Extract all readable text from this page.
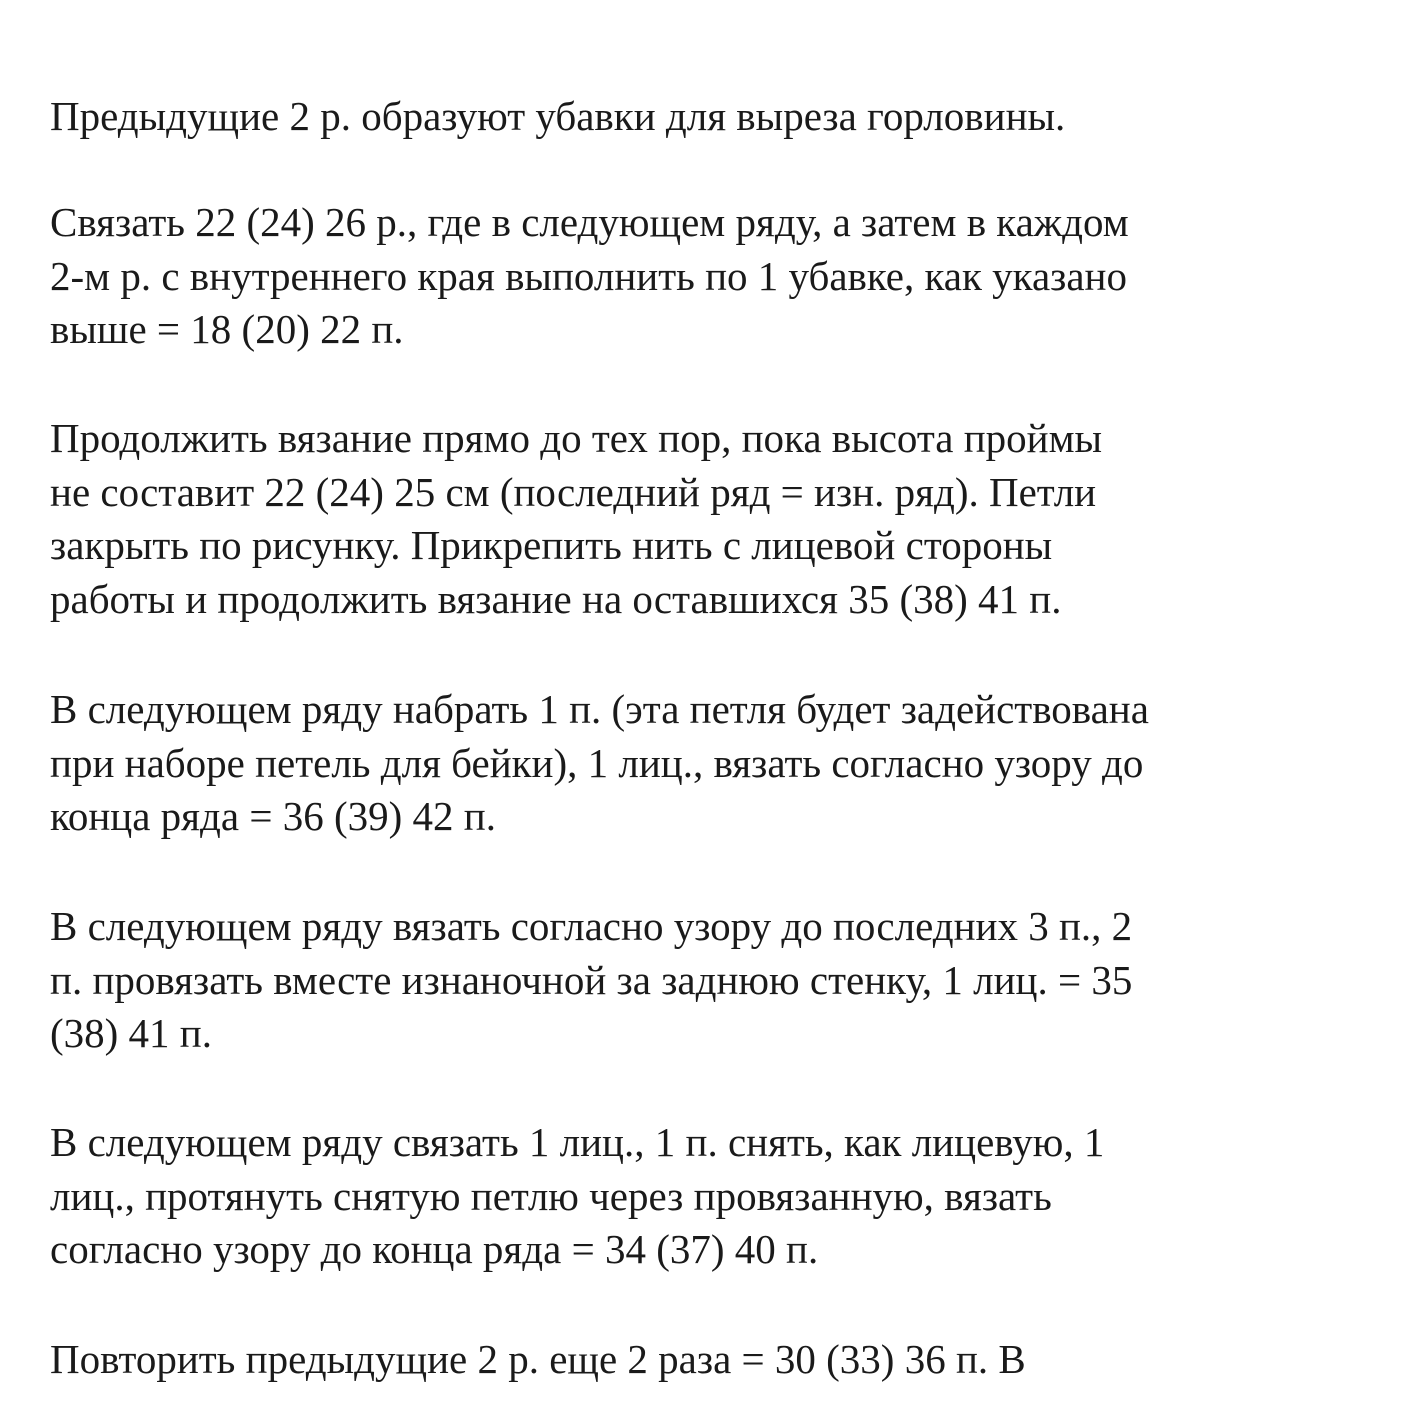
Предыдущие 2 р. образуют убавки для выреза горловины.
Связать 22 (24) 26 р., где в следующем ряду, а затем в каждом
2-м р. с внутреннего края выполнить по 1 убавке, как указано
выше = 18 (20) 22 п.
Продолжить вязание прямо до тех пор, пока высота проймы
не составит 22 (24) 25 см (последний ряд = изн. ряд). Петли
закрыть по рисунку. Прикрепить нить с лицевой стороны
работы и продолжить вязание на оставшихся 35 (38) 41 п.
В следующем ряду набрать 1 п. (эта петля будет задействована
при наборе петель для бейки), 1 лиц., вязать согласно узору до
конца ряда = 36 (39) 42 п.
В следующем ряду вязать согласно узору до последних 3 п., 2
п. провязать вместе изнаночной за заднюю стенку, 1 лиц. = 35
(38) 41 п.
В следующем ряду связать 1 лиц., 1 п. снять, как лицевую, 1
лиц., протянуть снятую петлю через провязанную, вязать
согласно узору до конца ряда = 34 (37) 40 п.
Повторить предыдущие 2 р. еще 2 раза = 30 (33) 36 п. В
